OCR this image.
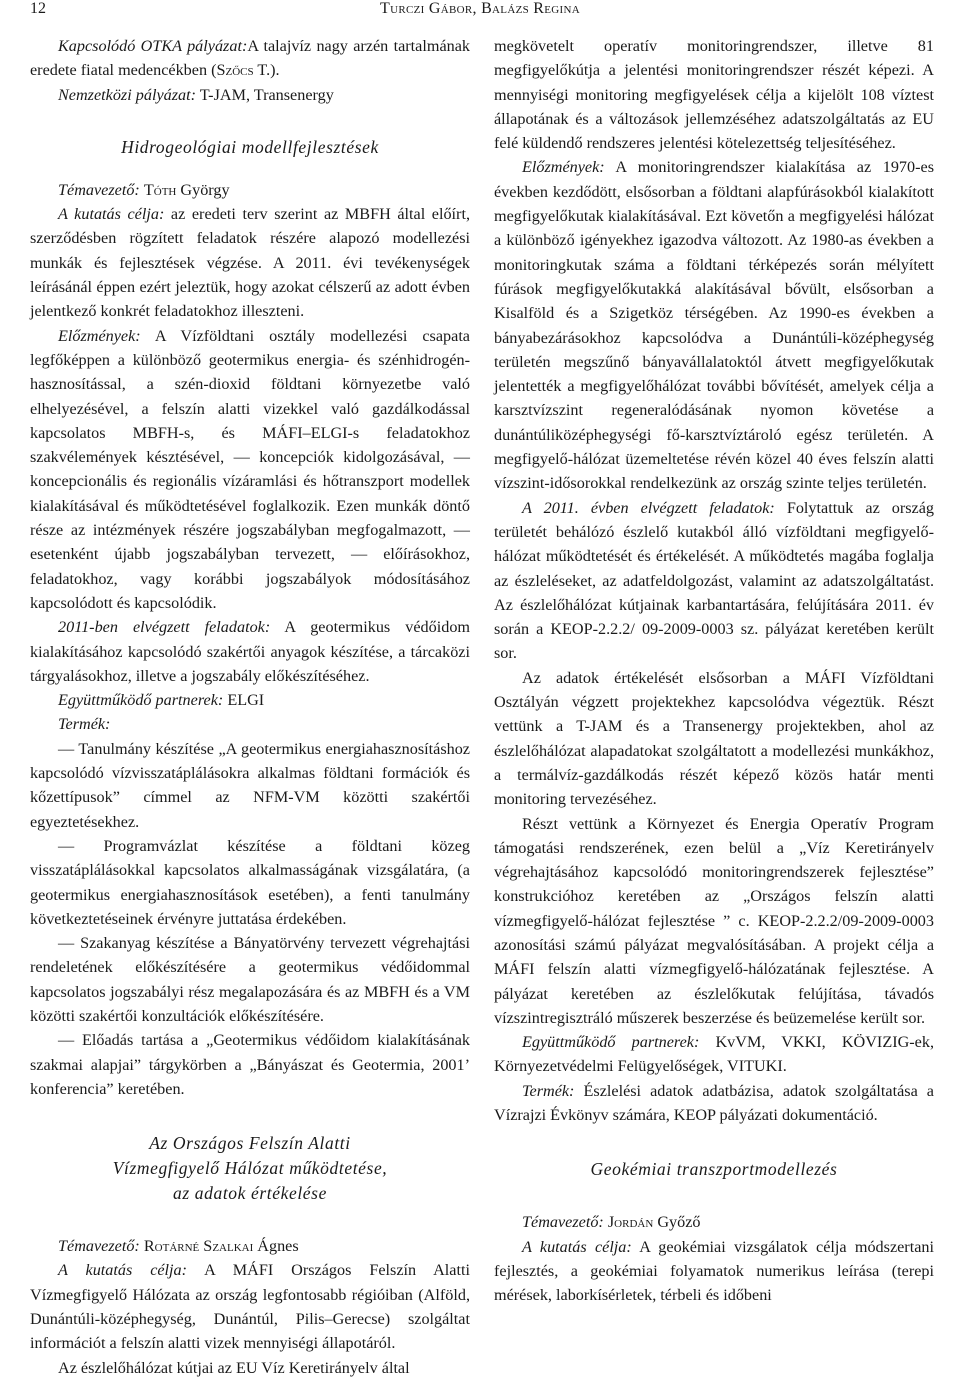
12	Turczi Gábor, Balázs Regina

Kapcsolódó OTKA pályázat:A talajvíz nagy arzén tartalmának eredete fiatal medencékben (Szőcs T.).

Nemzetközi pályázat: T-JAM, Transenergy

Hidrogeológiai modellfejlesztések

Témavezető: Tóth György

A kutatás célja: az eredeti terv szerint az MBFH által előírt, szerződésben rögzített feladatok részére alapozó modellezési munkák és fejlesztések végzése. A 2011. évi tevékenységek leírásánál éppen ezért jeleztük, hogy azokat célszerű az adott évben jelentkező konkrét feladatokhoz illeszteni.

Előzmények: A Vízföldtani osztály modellezési csapata legfőképpen a különböző geotermikus energia- és szénhidrogén-hasznosítással, a szén-dioxid földtani környezetbe való elhelyezésével, a felszín alatti vizekkel való gazdálkodással kapcsolatos MBFH-s, és MÁFI–ELGI-s feladatokhoz szakvélemények késztésével, — koncepciók kidolgozásával, — koncepcionális és regionális vízáramlási és hőtranszport modellek kialakításával és működtetésével foglalkozik. Ezen munkák döntő része az intézmények részére jogszabályban megfogalmazott, — esetenként újabb jogszabályban tervezett, — előírásokhoz, feladatokhoz, vagy korábbi jogszabályok módosításához kapcsolódott és kapcsolódik.

2011-ben elvégzett feladatok: A geotermikus védőidom kialakításához kapcsolódó szakértői anyagok készítése, a tárcaközi tárgyalásokhoz, illetve a jogszabály előkészítéséhez.

Együttműködő partnerek: ELGI

Termék:

— Tanulmány készítése „A geotermikus energiahasznosításhoz kapcsolódó vízvisszatáplálásokra alkalmas földtani formációk és kőzettípusok” címmel az NFM-VM közötti szakértői egyeztetésekhez.

— Programvázlat készítése a földtani közeg visszatáplálásokkal kapcsolatos alkalmasságának vizsgálatára, (a geotermikus energiahasznosítások esetében), a fenti tanulmány következtetéseinek érvényre juttatása érdekében.

— Szakanyag készítése a Bányatörvény tervezett végrehajtási rendeletének előkészítésére a geotermikus védőidommal kapcsolatos jogszabályi rész megalapozására és az MBFH és a VM közötti szakértői konzultációk előkészítésére.

— Előadás tartása a „Geotermikus védőidom kialakításának szakmai alapjai” tárgykörben a „Bányászat és Geotermia, 2001’ konferencia” keretében.

Az Országos Felszín Alatti

Vízmegfigyelő Hálózat működtetése,

az adatok értékelése

Témavezető: Rotárné Szalkai Ágnes

A kutatás célja: A MÁFI Országos Felszín Alatti Vízmegfigyelő Hálózata az ország legfontosabb régióiban (Alföld, Dunántúli-középhegység, Dunántúl, Pilis–Gerecse) szolgáltat információt a felszín alatti vizek mennyiségi állapotáról.

Az észlelőhálózat kútjai az EU Víz Keretirányelv által

megkövetelt operatív monitoringrendszer, illetve 81 megfigyelőkútja a jelentési monitoringrendszer részét képezi. A mennyiségi monitoring megfigyelések célja a kijelölt 108 víztest állapotának és a változások jellemzéséhez adatszolgáltatás az EU felé küldendő rendszeres jelentési kötelezettség teljesítéséhez.

Előzmények: A monitoringrendszer kialakítása az 1970-es években kezdődött, elsősorban a földtani alapfúrásokból kialakított megfigyelőkutak kialakításával. Ezt követőn a megfigyelési hálózat a különböző igényekhez igazodva változott. Az 1980-as években a monitoringkutak száma a földtani térképezés során mélyített fúrások megfigyelőkutakká alakításával bővült, elsősorban a Kisalföld és a Szigetköz térségében. Az 1990-es években a bányabezárásokhoz kapcsolódva a Dunántúli-középhegység területén megszűnő bányavállalatoktól átvett megfigyelőkutak jelentették a megfigyelőhálózat további bővítését, amelyek célja a karsztvízszint regeneralódásának nyomon követése a dunántúliközéphegységi fő-karsztvíztároló egész területén. A megfigyelő-hálózat üzemeltetése révén közel 40 éves felszín alatti vízszint-idősorokkal rendelkezünk az ország szinte teljes területén.

A 2011. évben elvégzett feladatok: Folytattuk az ország területét behálózó észlelő kutakból álló vízföldtani megfigyelő-hálózat működtetését és értékelését. A működtetés magába foglalja az észleléseket, az adatfeldolgozást, valamint az adatszolgáltatást. Az észlelőhálózat kútjainak karbantartására, felújítására 2011. év során a KEOP-2.2.2/ 09-2009-0003 sz. pályázat keretében került sor.

Az adatok értékelését elsősorban a MÁFI Vízföldtani Osztályán végzett projektekhez kapcsolódva végeztük. Részt vettünk a T-JAM és a Transenergy projektekben, ahol az észlelőhálózat alapadatokat szolgáltatott a modellezési munkákhoz, a termálvíz-gazdálkodás részét képező közös határ menti monitoring tervezéséhez.

Részt vettünk a Környezet és Energia Operatív Program támogatási rendszerének, ezen belül a „Víz Keretirányelv végrehajtásához kapcsolódó monitoringrendszerek fejlesztése” konstrukcióhoz keretében az „Országos felszín alatti vízmegfigyelő-hálózat fejlesztése ” c. KEOP-2.2.2/09-2009-0003 azonosítási számú pályázat megvalósításában. A projekt célja a MÁFI felszín alatti vízmegfigyelő-hálózatának fejlesztése. A pályázat keretében az észlelőkutak felújítása, távadós vízszintregisztráló műszerek beszerzése és beüzemelése került sor.

Együttműködő partnerek: KvVM, VKKI, KÖVIZIG-ek, Környezetvédelmi Felügyelőségek, VITUKI.

Termék: Észlelési adatok adatbázisa, adatok szolgáltatása a Vízrajzi Évkönyv számára, KEOP pályázati dokumentáció.

Geokémiai transzportmodellezés

Témavezető: Jordán Győző

A kutatás célja: A geokémiai vizsgálatok célja módszertani fejlesztés, a geokémiai folyamatok numerikus leírása (terepi mérések, laborkísérletek, térbeli és időbeni
